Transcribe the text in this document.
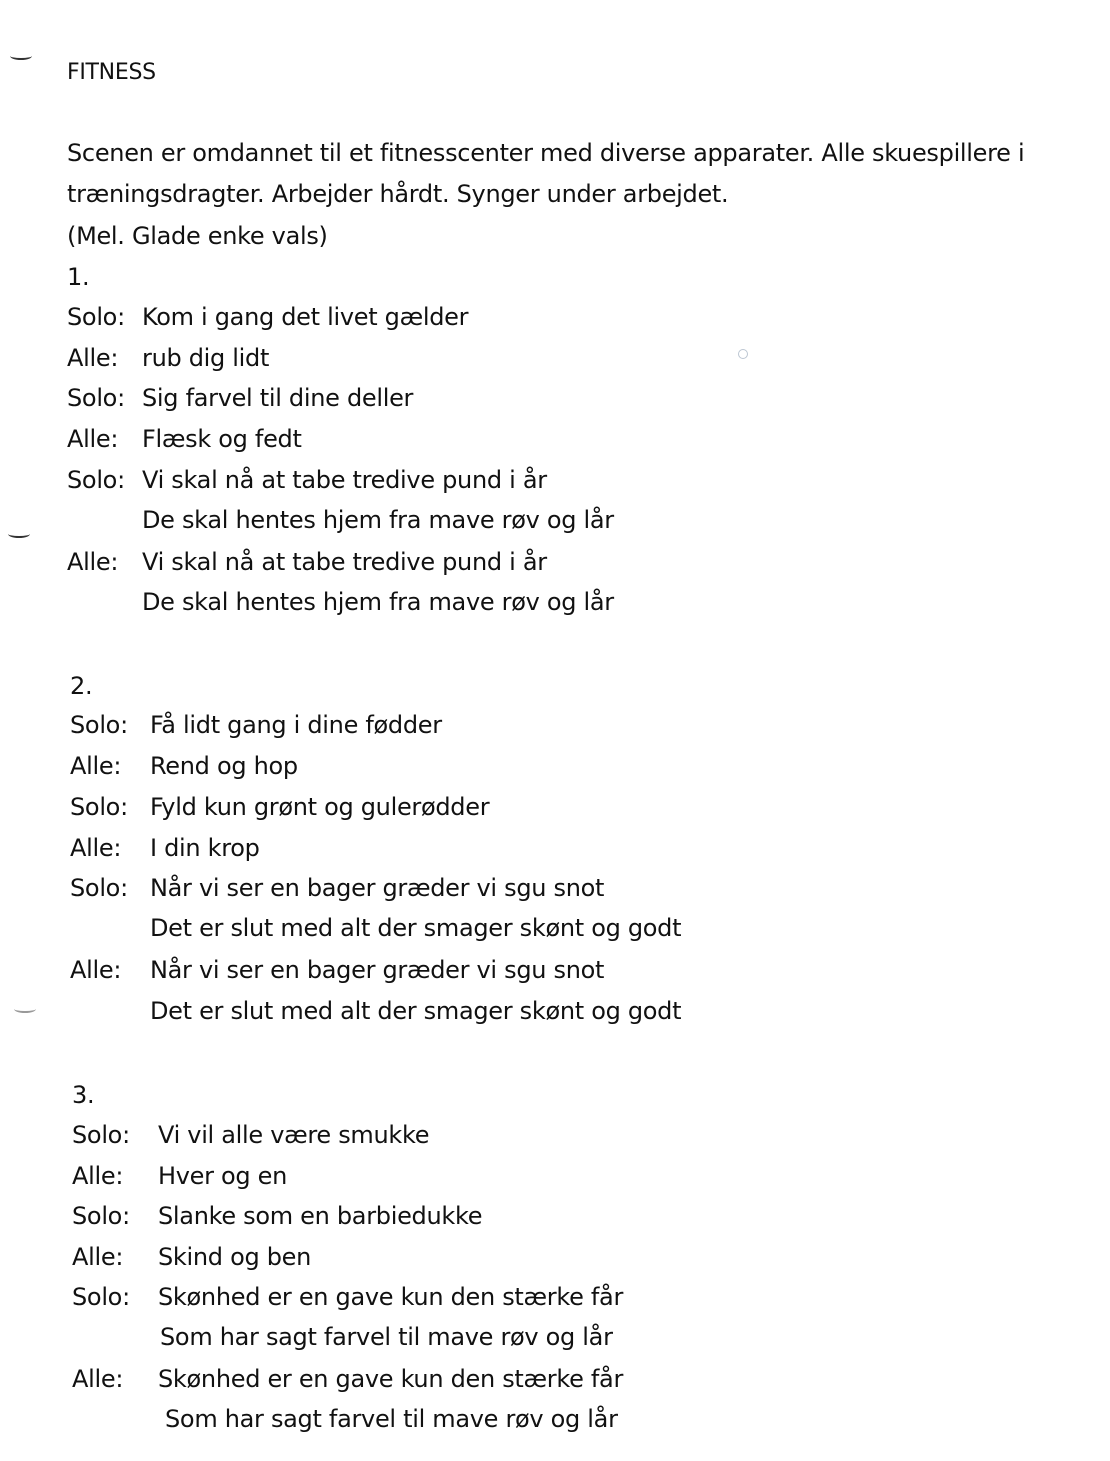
FITNESS
Scenen er omdannet til et fitnesscenter med diverse apparater. Alle skuespillere i
træningsdragter. Arbejder hårdt. Synger under arbejdet.
(Mel. Glade enke vals)
1.
Solo: Kom i gang det livet gælder
Alle: rub dig lidt
Solo: Sig farvel til dine deller
Alle: Flæsk og fedt
Solo: Vi skal nå at tabe tredive pund i år
De skal hentes hjem fra mave røv og lår
Alle: Vi skal nå at tabe tredive pund i år
De skal hentes hjem fra mave røv og lår
2.
Solo: Få lidt gang i dine fødder
Alle: Rend og hop
Solo: Fyld kun grønt og gulerødder
Alle: I din krop
Solo: Når vi ser en bager græder vi sgu snot
Det er slut med alt der smager skønt og godt
Alle: Når vi ser en bager græder vi sgu snot
Det er slut med alt der smager skønt og godt
3.
Solo: Vi vil alle være smukke
Alle: Hver og en
Solo: Slanke som en barbiedukke
Alle: Skind og ben
Solo: Skønhed er en gave kun den stærke får
Som har sagt farvel til mave røv og lår
Alle: Skønhed er en gave kun den stærke får
Som har sagt farvel til mave røv og lår
